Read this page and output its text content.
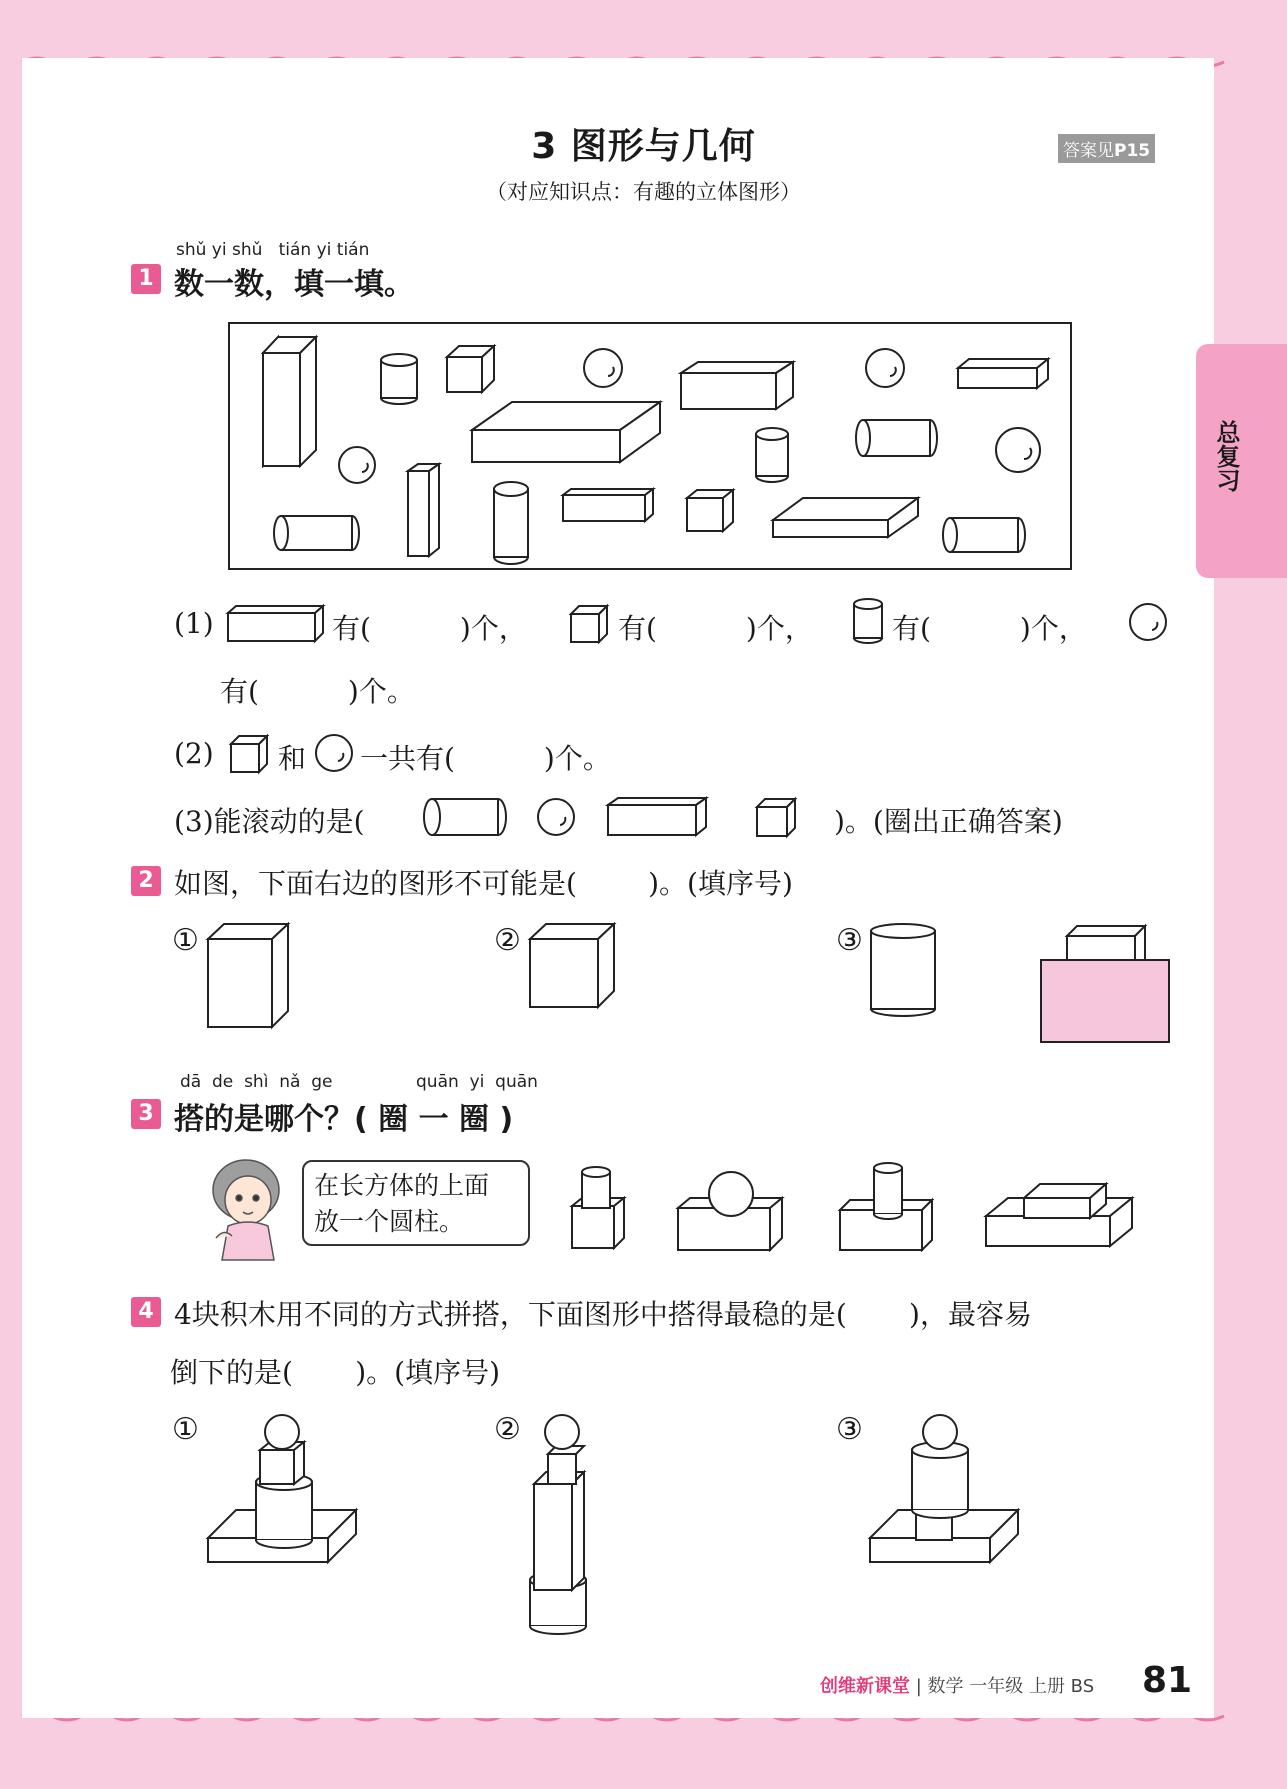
3 图形与几何
（对应知识点：有趣的立体图形）
答案见P15
总复习
shǔ yi shǔ   tián yi tián
1 数一数，填一填。
(1)	有(          )个，	有(          )个，	有(          )个，
有(          )个。
(2) 和 一共有(          )个。
(3)能滚动的是(	)。(圈出正确答案)
2 如图，下面右边的图形不可能是(        )。(填序号)
①	②	③
dā  de  shì  nǎ  ge	quān  yi  quān
3 搭的是哪个？( 圈 一 圈 )
在长方体的上面
放一个圆柱。
4 4块积木用不同的方式拼搭，下面图形中搭得最稳的是(       )，最容易
倒下的是(       )。(填序号)
①	②	③
创维新课堂 | 数学 一年级 上册 BS 81
